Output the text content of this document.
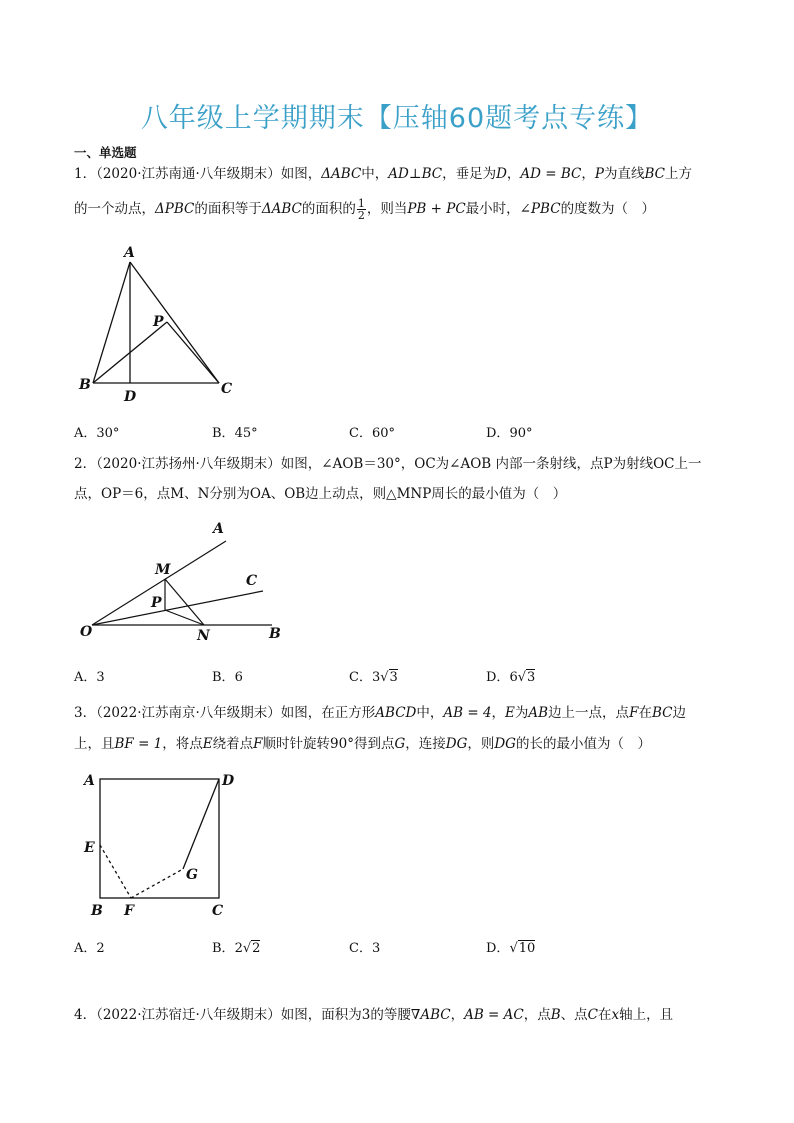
八年级上学期期末【压轴60题考点专练】
一、单选题
1．（2020·江苏南通·八年级期末）如图，ΔABC中，AD⊥BC，垂足为D，AD = BC，P为直线BC上方
的一个动点，ΔPBC的面积等于ΔABC的面积的 $\frac{1}{2}$ ，则当PB + PC最小时，∠PBC的度数为（　）
A
B	C
D
P
A．30°	B．45°	C．60°	D．90°
2．（2020·江苏扬州·八年级期末）如图，∠AOB＝30°，OC为∠AOB 内部一条射线，点P为射线OC上一
点，OP＝6，点M、N分别为OA、OB边上动点，则△MNP周长的最小值为（　）
A
C
M
P
O	N	B
A．3	B．6	C．3√3	D．6√3
3．（2022·江苏南京·八年级期末）如图，在正方形ABCD中，AB = 4，E为AB边上一点，点F在BC边
上，且BF = 1，将点E绕着点F顺时针旋转90°得到点G，连接DG，则DG的长的最小值为（　）
A	D
E
G
B F	C
A．2	B．2√2	C．3	D．√10
4．（2022·江苏宿迁·八年级期末）如图，面积为3的等腰∇ABC，AB = AC，点B、点C在x轴上，且
